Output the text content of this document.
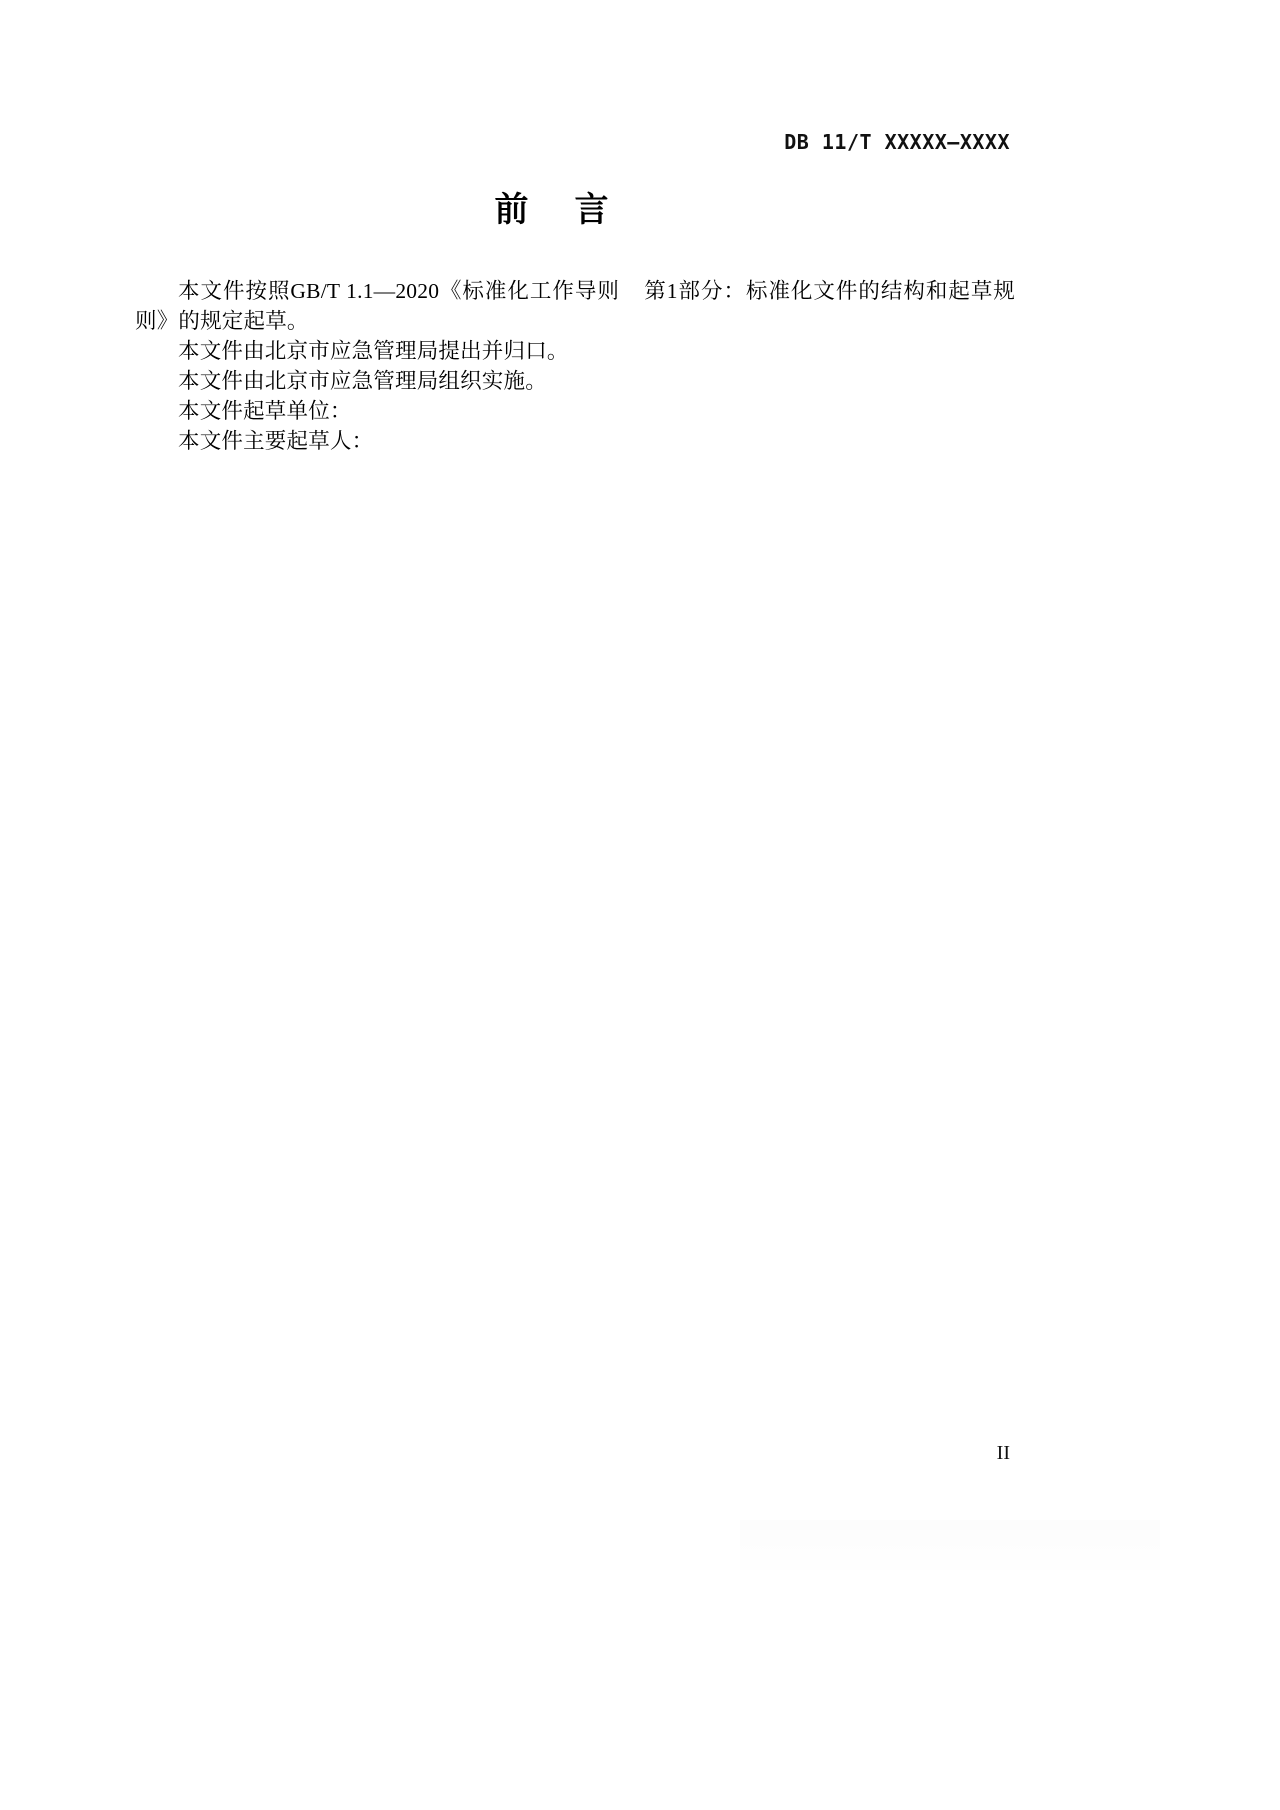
DB 11/T XXXXX—XXXX
前 言

本文件按照GB/T 1.1—2020《标准化工作导则 第1部分：标准化文件的结构和起草规则》的规定起草。

本文件由北京市应急管理局提出并归口。

本文件由北京市应急管理局组织实施。

本文件起草单位：

本文件主要起草人：

II
